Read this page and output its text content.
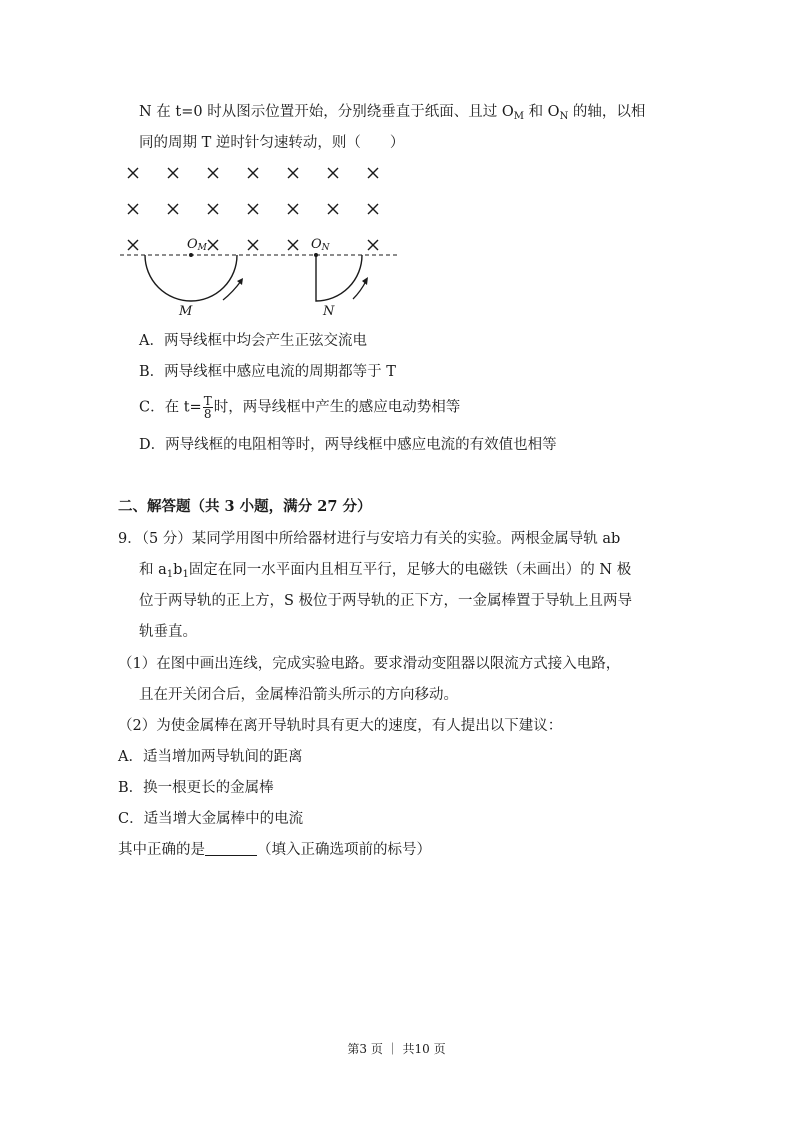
N 在 t=0 时从图示位置开始，分别绕垂直于纸面、且过 $O_M$ 和 $O_N$ 的轴，以相
同的周期 T 逆时针匀速转动，则（　　）
OM	ON
M	N
A．两导线框中均会产生正弦交流电
B．两导线框中感应电流的周期都等于 T
C．在 $t= \frac{T}{8}$ 时，两导线框中产生的感应电动势相等
D．两导线框的电阻相等时，两导线框中感应电流的有效值也相等
二、解答题（共 3 小题，满分 27 分）
9．（5 分）某同学用图中所给器材进行与安培力有关的实验。两根金属导轨 ab
和 $a_1b_1$固定在同一水平面内且相互平行，足够大的电磁铁（未画出）的 N 极
位于两导轨的正上方，S 极位于两导轨的正下方，一金属棒置于导轨上且两导
轨垂直。
（1）在图中画出连线，完成实验电路。要求滑动变阻器以限流方式接入电路，
且在开关闭合后，金属棒沿箭头所示的方向移动。
（2）为使金属棒在离开导轨时具有更大的速度，有人提出以下建议：
A．适当增加两导轨间的距离
B．换一根更长的金属棒
C．适当增大金属棒中的电流
其中正确的是	（填入正确选项前的标号）
第3 页 ｜ 共10 页
